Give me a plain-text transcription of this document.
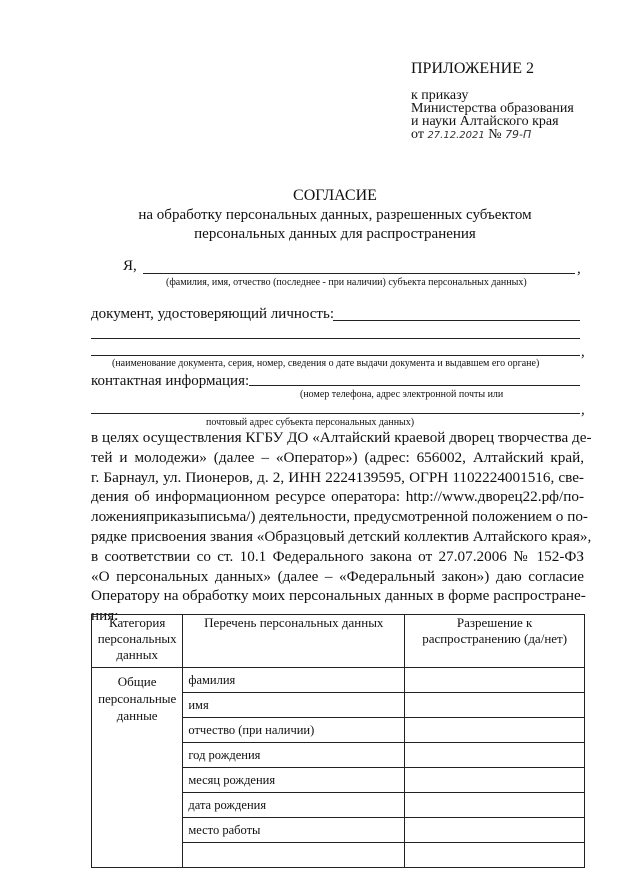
ПРИЛОЖЕНИЕ 2
к приказу
Министерства образования
и науки Алтайского края
от 27.12.2021 № 79-П
СОГЛАСИЕ
на обработку персональных данных, разрешенных субъектом
персональных данных для распространения
Я,	,
(фамилия, имя, отчество (последнее - при наличии) субъекта персональных данных)
документ, удостоверяющий личность:
,
(наименование документа, серия, номер, сведения о дате выдачи документа и выдавшем его органе)
контактная информация:
(номер телефона, адрес электронной почты или
,
почтовый адрес субъекта персональных данных)
в целях осуществления КГБУ ДО «Алтайский краевой дворец творчества де-
тей и молодежи» (далее – «Оператор») (адрес: 656002, Алтайский край,
г. Барнаул, ул. Пионеров, д. 2, ИНН 2224139595, ОГРН 1102224001516, све-
дения об информационном ресурсе оператора: http://www.дворец22.рф/по-
ложенияприказыписьма/) деятельности, предусмотренной положением о по-
рядке присвоения звания «Образцовый детский коллектив Алтайского края»,
в соответствии со ст. 10.1 Федерального закона от 27.07.2006 № 152-ФЗ
«О персональных данных» (далее – «Федеральный закон») даю согласие
Оператору на обработку моих персональных данных в форме распростране-
ния:
Категория персональных данных	Перечень персональных данных	Разрешение к распространению (да/нет)
Общие персональные данные	фамилия	
	имя	
	отчество (при наличии)	
	год рождения	
	месяц рождения	
	дата рождения	
	место работы	
